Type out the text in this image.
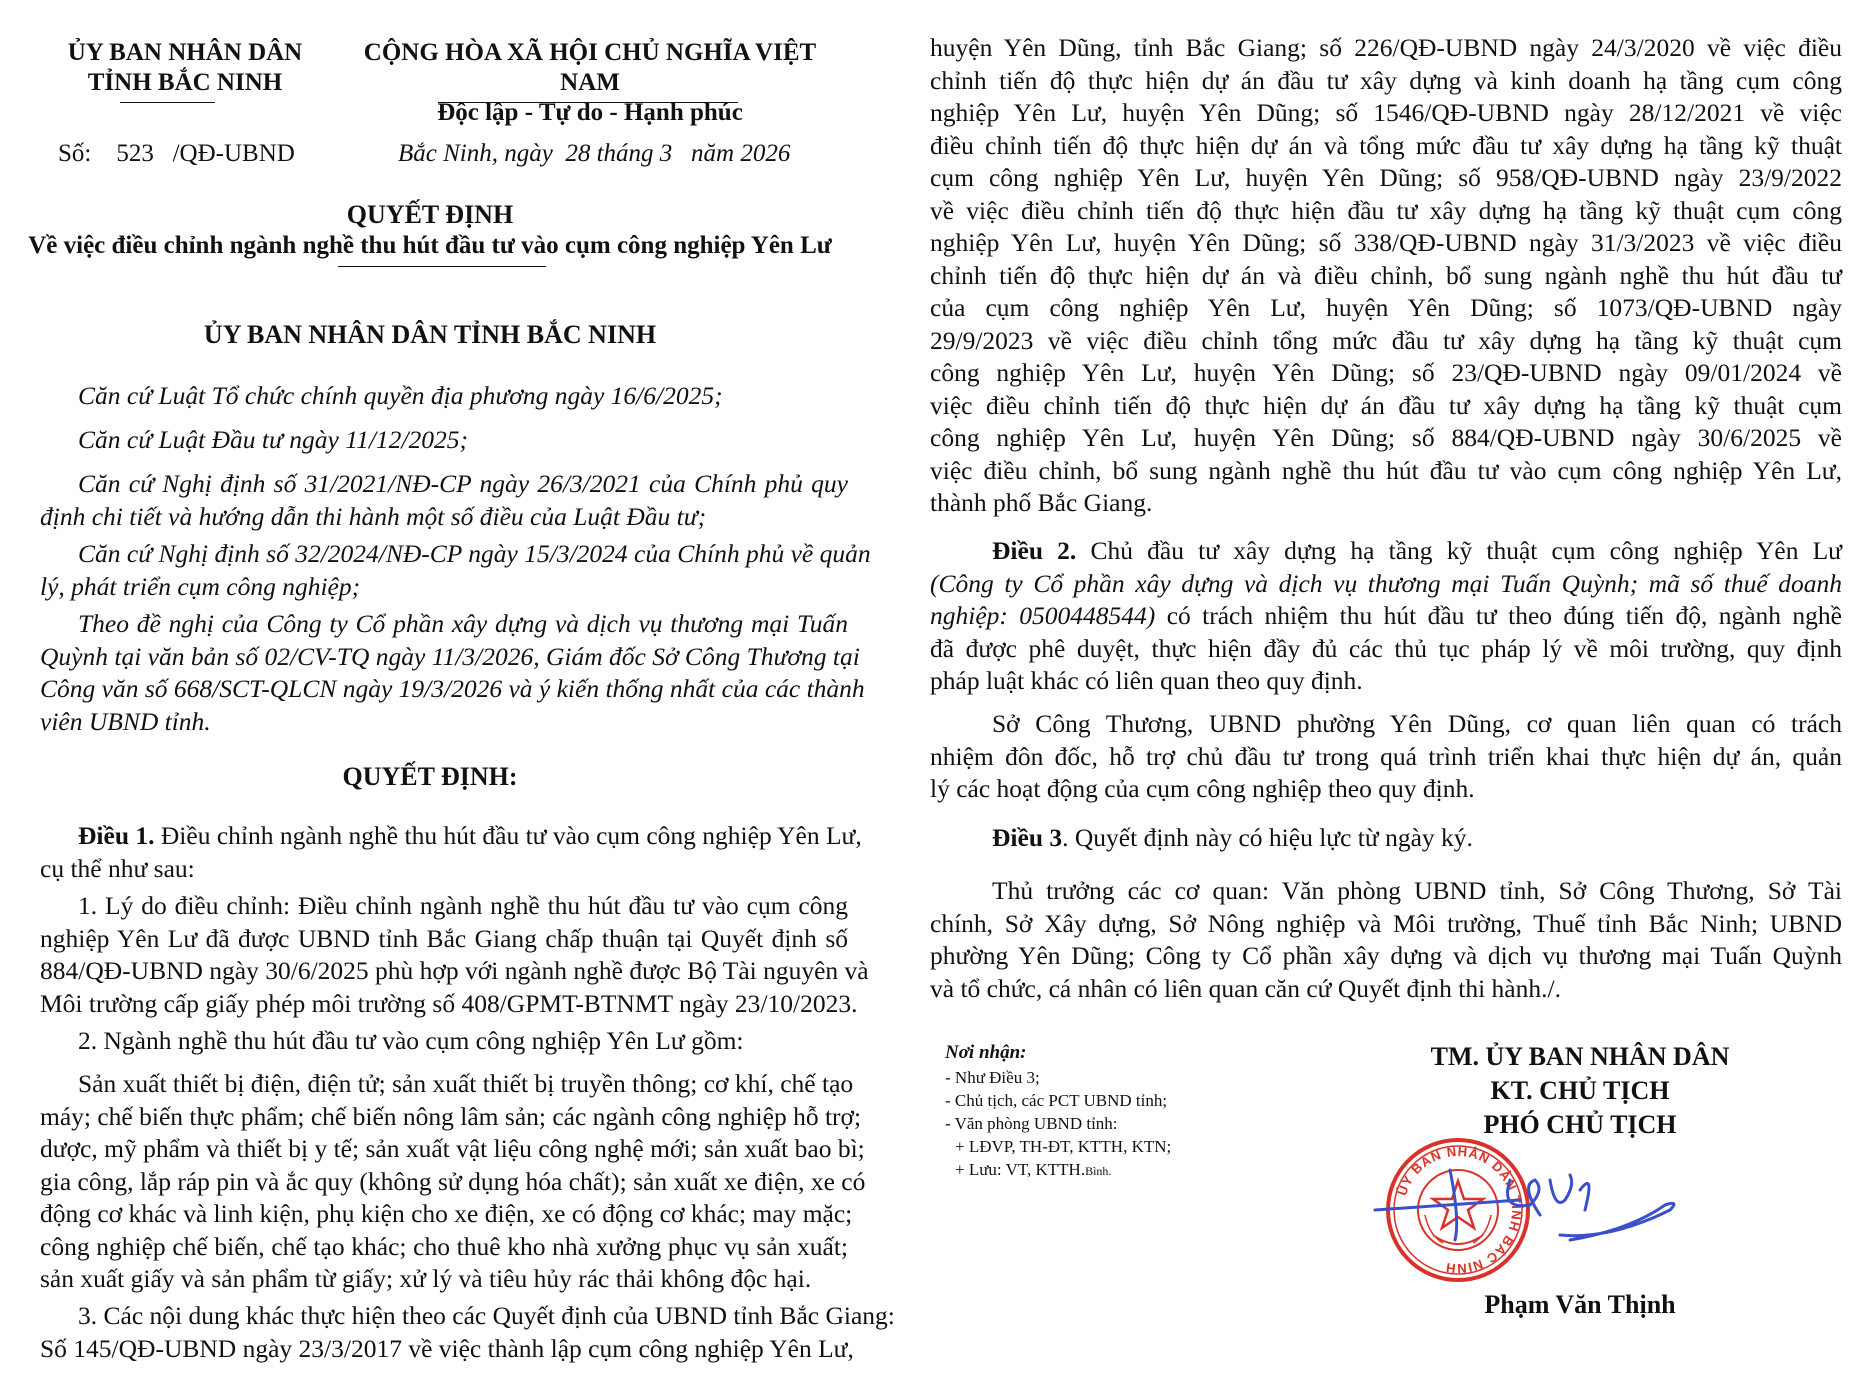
ỦY BAN NHÂN DÂN
TỈNH BẮC NINH
CỘNG HÒA XÃ HỘI CHỦ NGHĨA VIỆT NAM
Độc lập - Tự do - Hạnh phúc
Số: 523 /QĐ-UBND	Bắc Ninh, ngày 28 tháng 3 năm 2026
QUYẾT ĐỊNH
Về việc điều chỉnh ngành nghề thu hút đầu tư vào cụm công nghiệp Yên Lư
ỦY BAN NHÂN DÂN TỈNH BẮC NINH
Căn cứ Luật Tổ chức chính quyền địa phương ngày 16/6/2025;
Căn cứ Luật Đầu tư ngày 11/12/2025;
Căn cứ Nghị định số 31/2021/NĐ-CP ngày 26/3/2021 của Chính phủ quy
định chi tiết và hướng dẫn thi hành một số điều của Luật Đầu tư;
Căn cứ Nghị định số 32/2024/NĐ-CP ngày 15/3/2024 của Chính phủ về quản
lý, phát triển cụm công nghiệp;
Theo đề nghị của Công ty Cổ phần xây dựng và dịch vụ thương mại Tuấn
Quỳnh tại văn bản số 02/CV-TQ ngày 11/3/2026, Giám đốc Sở Công Thương tại
Công văn số 668/SCT-QLCN ngày 19/3/2026 và ý kiến thống nhất của các thành
viên UBND tỉnh.
QUYẾT ĐỊNH:
Điều 1. Điều chỉnh ngành nghề thu hút đầu tư vào cụm công nghiệp Yên Lư,
cụ thể như sau:
1. Lý do điều chỉnh: Điều chỉnh ngành nghề thu hút đầu tư vào cụm công
nghiệp Yên Lư đã được UBND tỉnh Bắc Giang chấp thuận tại Quyết định số
884/QĐ-UBND ngày 30/6/2025 phù hợp với ngành nghề được Bộ Tài nguyên và
Môi trường cấp giấy phép môi trường số 408/GPMT-BTNMT ngày 23/10/2023.
2. Ngành nghề thu hút đầu tư vào cụm công nghiệp Yên Lư gồm:
Sản xuất thiết bị điện, điện tử; sản xuất thiết bị truyền thông; cơ khí, chế tạo
máy; chế biến thực phẩm; chế biến nông lâm sản; các ngành công nghiệp hỗ trợ;
dược, mỹ phẩm và thiết bị y tế; sản xuất vật liệu công nghệ mới; sản xuất bao bì;
gia công, lắp ráp pin và ắc quy (không sử dụng hóa chất); sản xuất xe điện, xe có
động cơ khác và linh kiện, phụ kiện cho xe điện, xe có động cơ khác; may mặc;
công nghiệp chế biến, chế tạo khác; cho thuê kho nhà xưởng phục vụ sản xuất;
sản xuất giấy và sản phẩm từ giấy; xử lý và tiêu hủy rác thải không độc hại.
3. Các nội dung khác thực hiện theo các Quyết định của UBND tỉnh Bắc Giang:
Số 145/QĐ-UBND ngày 23/3/2017 về việc thành lập cụm công nghiệp Yên Lư,
huyện Yên Dũng, tỉnh Bắc Giang; số 226/QĐ-UBND ngày 24/3/2020 về việc điều
chỉnh tiến độ thực hiện dự án đầu tư xây dựng và kinh doanh hạ tầng cụm công
nghiệp Yên Lư, huyện Yên Dũng; số 1546/QĐ-UBND ngày 28/12/2021 về việc
điều chỉnh tiến độ thực hiện dự án và tổng mức đầu tư xây dựng hạ tầng kỹ thuật
cụm công nghiệp Yên Lư, huyện Yên Dũng; số 958/QĐ-UBND ngày 23/9/2022
về việc điều chỉnh tiến độ thực hiện đầu tư xây dựng hạ tầng kỹ thuật cụm công
nghiệp Yên Lư, huyện Yên Dũng; số 338/QĐ-UBND ngày 31/3/2023 về việc điều
chỉnh tiến độ thực hiện dự án và điều chỉnh, bổ sung ngành nghề thu hút đầu tư
của cụm công nghiệp Yên Lư, huyện Yên Dũng; số 1073/QĐ-UBND ngày
29/9/2023 về việc điều chỉnh tổng mức đầu tư xây dựng hạ tầng kỹ thuật cụm
công nghiệp Yên Lư, huyện Yên Dũng; số 23/QĐ-UBND ngày 09/01/2024 về
việc điều chỉnh tiến độ thực hiện dự án đầu tư xây dựng hạ tầng kỹ thuật cụm
công nghiệp Yên Lư, huyện Yên Dũng; số 884/QĐ-UBND ngày 30/6/2025 về
việc điều chỉnh, bổ sung ngành nghề thu hút đầu tư vào cụm công nghiệp Yên Lư,
thành phố Bắc Giang.
Điều 2. Chủ đầu tư xây dựng hạ tầng kỹ thuật cụm công nghiệp Yên Lư
(Công ty Cổ phần xây dựng và dịch vụ thương mại Tuấn Quỳnh; mã số thuế doanh
nghiệp: 0500448544) có trách nhiệm thu hút đầu tư theo đúng tiến độ, ngành nghề
đã được phê duyệt, thực hiện đầy đủ các thủ tục pháp lý về môi trường, quy định
pháp luật khác có liên quan theo quy định.
Sở Công Thương, UBND phường Yên Dũng, cơ quan liên quan có trách
nhiệm đôn đốc, hỗ trợ chủ đầu tư trong quá trình triển khai thực hiện dự án, quản
lý các hoạt động của cụm công nghiệp theo quy định.
Điều 3. Quyết định này có hiệu lực từ ngày ký.
Thủ trưởng các cơ quan: Văn phòng UBND tỉnh, Sở Công Thương, Sở Tài
chính, Sở Xây dựng, Sở Nông nghiệp và Môi trường, Thuế tỉnh Bắc Ninh; UBND
phường Yên Dũng; Công ty Cổ phần xây dựng và dịch vụ thương mại Tuấn Quỳnh
và tổ chức, cá nhân có liên quan căn cứ Quyết định thi hành./.
Nơi nhận:
- Như Điều 3;
- Chủ tịch, các PCT UBND tỉnh;
- Văn phòng UBND tỉnh:
+ LĐVP, TH-ĐT, KTTH, KTN;
+ Lưu: VT, KTTH.Bình.
TM. ỦY BAN NHÂN DÂN
KT. CHỦ TỊCH
PHÓ CHỦ TỊCH
ỦY BAN NHÂN DÂN TỈNH BẮC NINH
Phạm Văn Thịnh
